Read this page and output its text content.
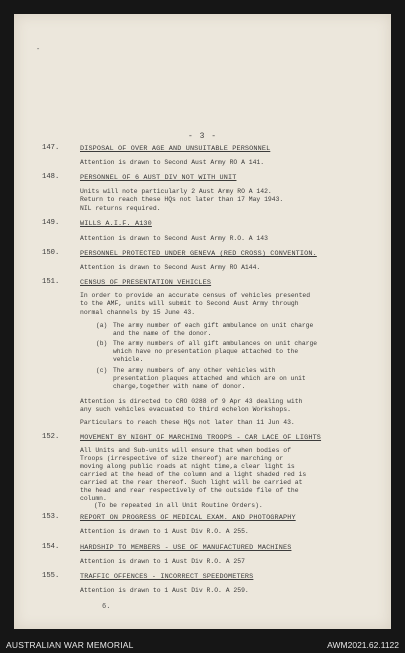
-
- 3 -
147.	DISPOSAL OF OVER AGE AND UNSUITABLE PERSONNEL
Attention is drawn to Second Aust Army RO A 141.
148.	PERSONNEL OF 6 AUST DIV NOT WITH UNIT
Units will note particularly 2 Aust Army RO A 142.
Return to reach these HQs not later than 17 May 1943.
NIL returns required.
149.	WILLS A.I.F. A130
Attention is drawn to Second Aust Army R.O. A 143
150.	PERSONNEL PROTECTED UNDER GENEVA (RED CROSS) CONVENTION.
Attention is drawn to Second Aust Army RO A144.
151.	CENSUS OF PRESENTATION VEHICLES
In order to provide an accurate census of vehicles presented
to the AMF, units will submit to Second Aust Army through
normal channels by 15 June 43.
(a) The army number of each gift ambulance on unit charge
and the name of the donor.
(b) The army numbers of all gift ambulances on unit charge
which have no presentation plaque attached to the
vehicle.
(c) The army numbers of any other vehicles with
presentation plaques attached and which are on unit
charge,together with name of donor.
Attention is directed to CRO 0288 of 9 Apr 43 dealing with
any such vehicles evacuated to third echelon Workshops.
Particulars to reach these HQs not later than 11 Jun 43.
152.	MOVEMENT BY NIGHT OF MARCHING TROOPS - CAR LACE OF LIGHTS
All Units and Sub-units will ensure that when bodies of
Troops (irrespective of size thereof) are marching or
moving along public roads at night time,a clear light is
carried at the head of the column and a light shaded red is
carried at the rear thereof. Such light will be carried at
the head and rear respectively of the outside file of the
column.
(To be repeated in all Unit Routine Orders).
153.	REPORT ON PROGRESS OF MEDICAL EXAM. AND PHOTOGRAPHY
Attention is drawn to 1 Aust Div R.O. A 255.
154.	HARDSHIP TO MEMBERS - USE OF MANUFACTURED MACHINES
Attention is drawn to 1 Aust Div R.O. A 257
155.	TRAFFIC OFFENCES - INCORRECT SPEEDOMETERS
Attention is drawn to 1 Aust Div R.O. A 259.
6.
AUSTRALIAN WAR MEMORIAL	AWM2021.62.1122
